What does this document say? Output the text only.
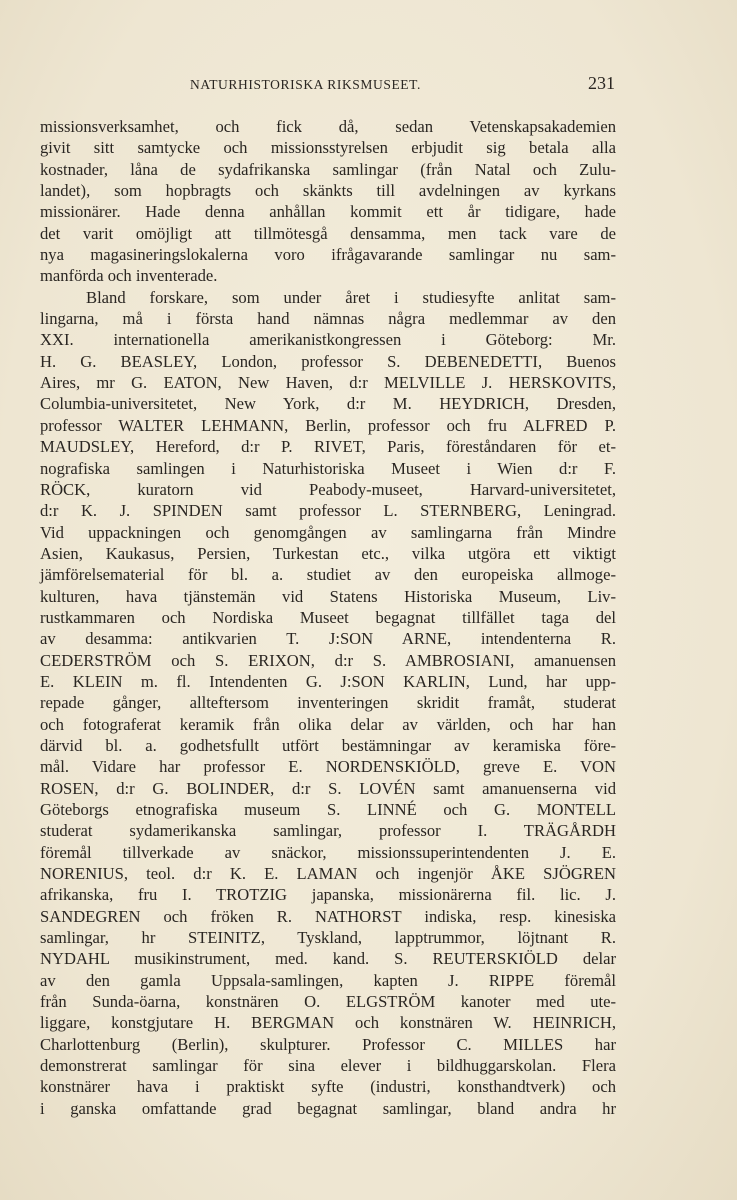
NATURHISTORISKA RIKSMUSEET.	231
missionsverksamhet, och fick då, sedan Vetenskapsakademien
givit sitt samtycke och missionsstyrelsen erbjudit sig betala alla
kostnader, låna de sydafrikanska samlingar (från Natal och Zulu-
landet), som hopbragts och skänkts till avdelningen av kyrkans
missionärer. Hade denna anhållan kommit ett år tidigare, hade
det varit omöjligt att tillmötesgå densamma, men tack vare de
nya magasineringslokalerna voro ifrågavarande samlingar nu sam-
manförda och inventerade.
Bland forskare, som under året i studiesyfte anlitat sam-
lingarna, må i första hand nämnas några medlemmar av den
XXI. internationella amerikanistkongressen i Göteborg: Mr.
H. G. BEASLEY, London, professor S. DEBENEDETTI, Buenos
Aires, mr G. EATON, New Haven, d:r MELVILLE J. HERSKOVITS,
Columbia-universitetet, New York, d:r M. HEYDRICH, Dresden,
professor WALTER LEHMANN, Berlin, professor och fru ALFRED P.
MAUDSLEY, Hereford, d:r P. RIVET, Paris, föreståndaren för et-
nografiska samlingen i Naturhistoriska Museet i Wien d:r F.
RÖCK, kuratorn vid Peabody-museet, Harvard-universitetet,
d:r K. J. SPINDEN samt professor L. STERNBERG, Leningrad.
Vid uppackningen och genomgången av samlingarna från Mindre
Asien, Kaukasus, Persien, Turkestan etc., vilka utgöra ett viktigt
jämförelsematerial för bl. a. studiet av den europeiska allmoge-
kulturen, hava tjänstemän vid Statens Historiska Museum, Liv-
rustkammaren och Nordiska Museet begagnat tillfället taga del
av desamma: antikvarien T. J:SON ARNE, intendenterna R.
CEDERSTRÖM och S. ERIXON, d:r S. AMBROSIANI, amanuensen
E. KLEIN m. fl. Intendenten G. J:SON KARLIN, Lund, har upp-
repade gånger, allteftersom inventeringen skridit framåt, studerat
och fotograferat keramik från olika delar av världen, och har han
därvid bl. a. godhetsfullt utfört bestämningar av keramiska före-
mål. Vidare har professor E. NORDENSKIÖLD, greve E. VON
ROSEN, d:r G. BOLINDER, d:r S. LOVÉN samt amanuenserna vid
Göteborgs etnografiska museum S. LINNÉ och G. MONTELL
studerat sydamerikanska samlingar, professor I. TRÄGÅRDH
föremål tillverkade av snäckor, missionssuperintendenten J. E.
NORENIUS, teol. d:r K. E. LAMAN och ingenjör ÅKE SJÖGREN
afrikanska, fru I. TROTZIG japanska, missionärerna fil. lic. J.
SANDEGREN och fröken R. NATHORST indiska, resp. kinesiska
samlingar, hr STEINITZ, Tyskland, lapptrummor, löjtnant R.
NYDAHL musikinstrument, med. kand. S. REUTERSKIÖLD delar
av den gamla Uppsala-samlingen, kapten J. RIPPE föremål
från Sunda-öarna, konstnären O. ELGSTRÖM kanoter med ute-
liggare, konstgjutare H. BERGMAN och konstnären W. HEINRICH,
Charlottenburg (Berlin), skulpturer. Professor C. MILLES har
demonstrerat samlingar för sina elever i bildhuggarskolan. Flera
konstnärer hava i praktiskt syfte (industri, konsthandtverk) och
i ganska omfattande grad begagnat samlingar, bland andra hr
